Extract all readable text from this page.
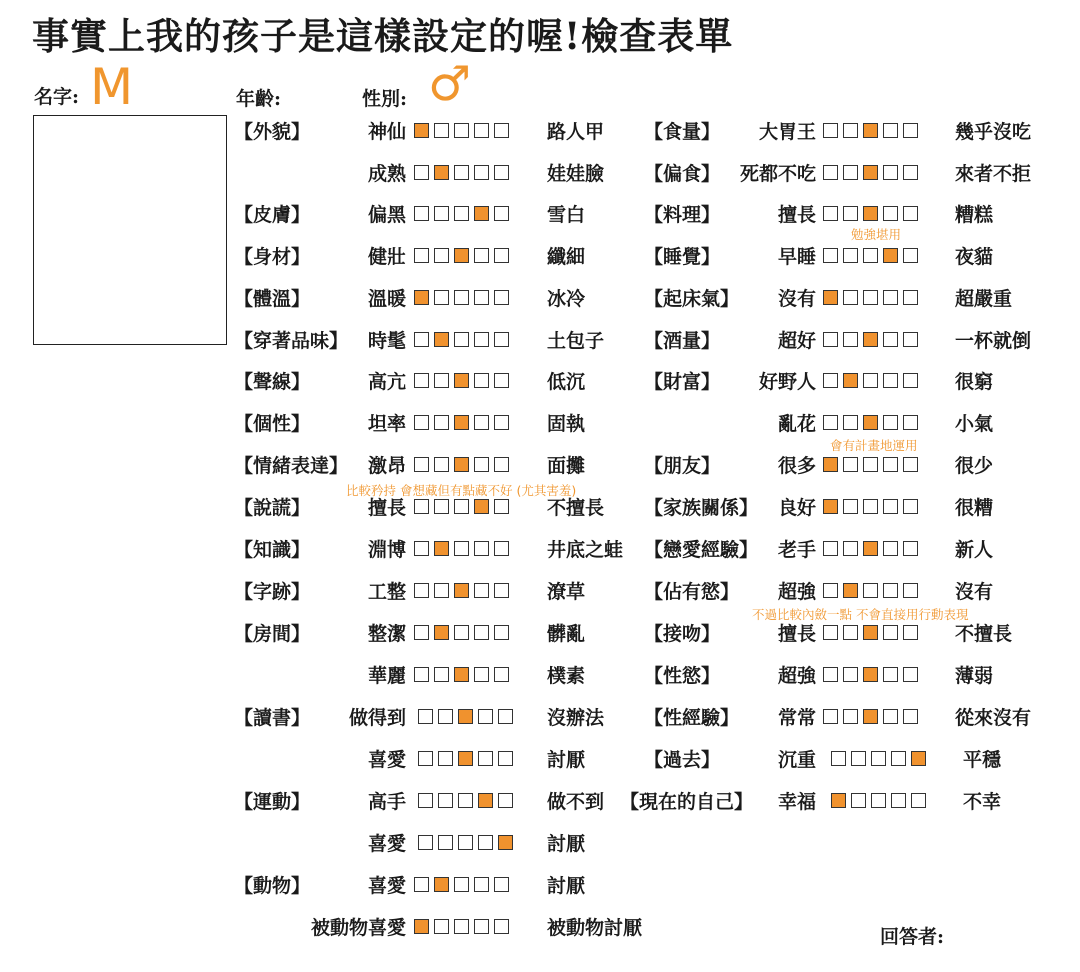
事實上我的孩子是這樣設定的喔!檢查表單
名字: M	年齡:	性別: ♂
【外貌】	神仙	路人甲
成熟	娃娃臉
【皮膚】	偏黑	雪白
【身材】	健壯	纖細
【體溫】	溫暖	冰冷
【穿著品味】 時髦	土包子
【聲線】	高亢	低沉
【個性】	坦率	固執
【情緒表達】 激昂	面攤
【說謊】	擅長	不擅長
【知識】	淵博	井底之蛙
【字跡】	工整	潦草
【房間】	整潔	髒亂
華麗	樸素
【讀書】 做得到	沒辦法
喜愛	討厭
【運動】	高手	做不到
喜愛	討厭
【動物】	喜愛	討厭
被動物喜愛	被動物討厭
【食量】 大胃王	幾乎沒吃
【偏食】 死都不吃	來者不拒
【料理】	擅長	糟糕
【睡覺】	早睡	夜貓
【起床氣】 沒有	超嚴重
【酒量】	超好	一杯就倒
【財富】 好野人	很窮
亂花	小氣
【朋友】	很多	很少
【家族關係】 良好	很糟
【戀愛經驗】 老手	新人
【佔有慾】 超強	沒有
【接吻】	擅長	不擅長
【性慾】	超強	薄弱
【性經驗】 常常	從來沒有
【過去】	沉重	平穩
【現在的自己】 幸福	不幸
比較矜持 會想藏但有點藏不好 (尤其害羞)
勉強堪用
會有計畫地運用
不過比較內斂一點 不會直接用行動表現
回答者:
